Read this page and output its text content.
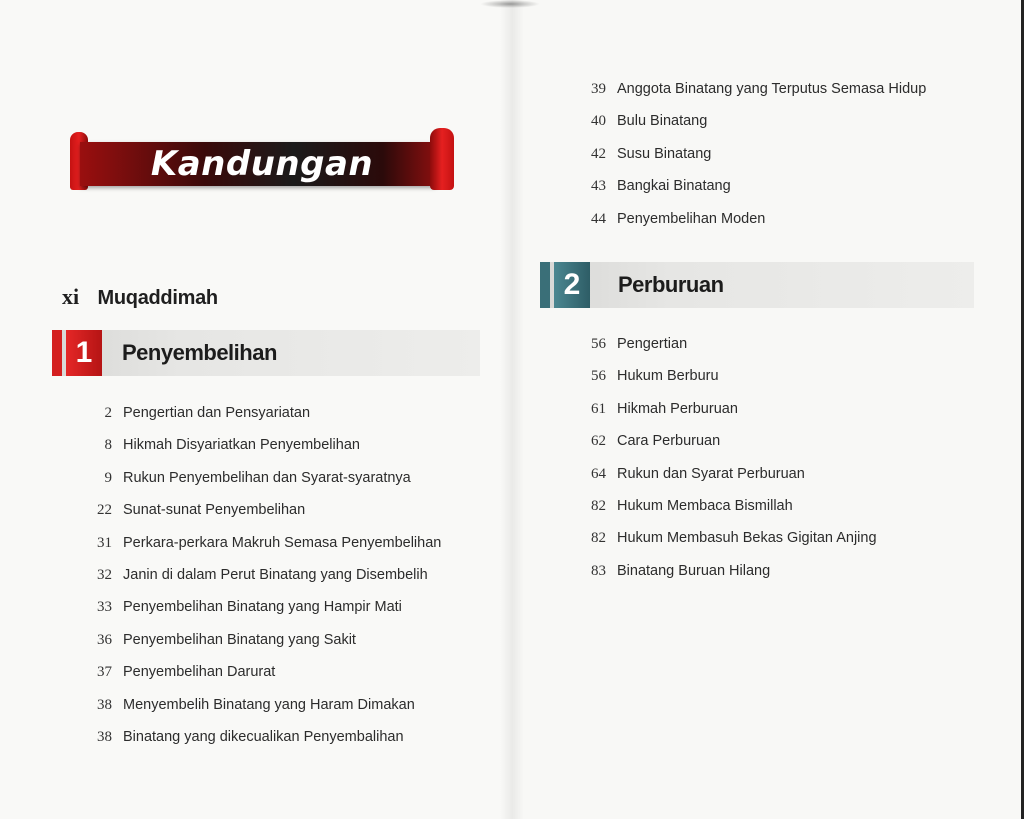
Kandungan
xi Muqaddimah
1	Penyembelihan
2 Pengertian dan Pensyariatan
8 Hikmah Disyariatkan Penyembelihan
9 Rukun Penyembelihan dan Syarat-syaratnya
22 Sunat-sunat Penyembelihan
31 Perkara-perkara Makruh Semasa Penyembelihan
32 Janin di dalam Perut Binatang yang Disembelih
33 Penyembelihan Binatang yang Hampir Mati
36 Penyembelihan Binatang yang Sakit
37 Penyembelihan Darurat
38 Menyembelih Binatang yang Haram Dimakan
38 Binatang yang dikecualikan Penyembalihan
39 Anggota Binatang yang Terputus Semasa Hidup
40 Bulu Binatang
42 Susu Binatang
43 Bangkai Binatang
44 Penyembelihan Moden
2	Perburuan
56 Pengertian
56 Hukum Berburu
61 Hikmah Perburuan
62 Cara Perburuan
64 Rukun dan Syarat Perburuan
82 Hukum Membaca Bismillah
82 Hukum Membasuh Bekas Gigitan Anjing
83 Binatang Buruan Hilang
